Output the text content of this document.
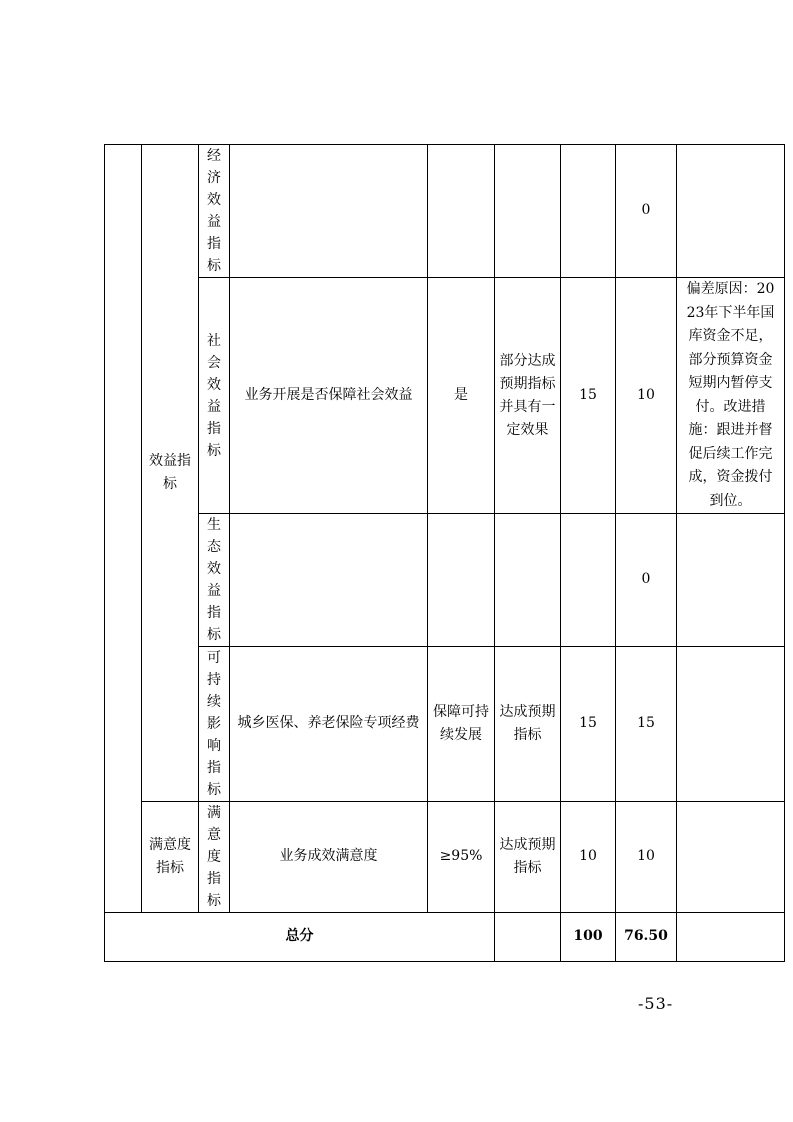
	效益指标	经济效益指标					0	

		社会效益指标	业务开展是否保障社会效益	是	部分达成预期指标并具有一定效果	15	10	偏差原因：2023年下半年国库资金不足，部分预算资金短期内暂停支付。改进措施：跟进并督促后续工作完成，资金拨付到位。

		生态效益指标					0	

		可持续影响指标	城乡医保、养老保险专项经费	保障可持续发展	达成预期指标	15	15	

	满意度指标	满意度指标	业务成效满意度	≥95%	达成预期指标	10	10	
总分						100	76.50	
-53-
